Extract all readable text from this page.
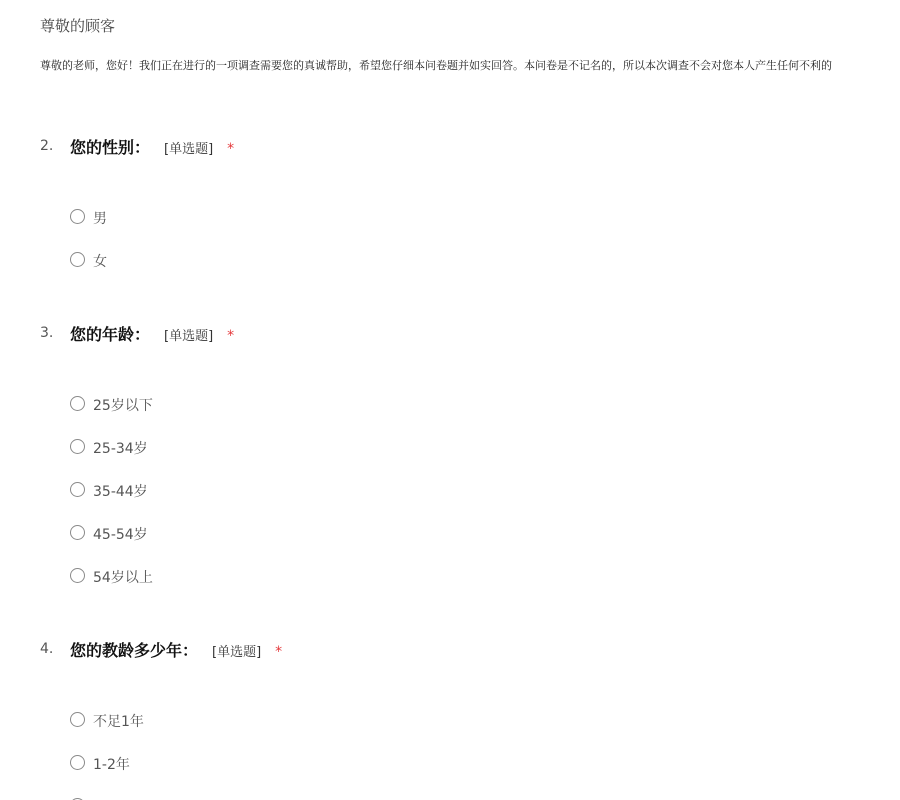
尊敬的顾客
尊敬的老师，您好！我们正在进行的一项调查需要您的真诚帮助，希望您仔细本问卷题并如实回答。本问卷是不记名的，所以本次调查不会对您本人产生任何不利的
2. 您的性别： [单选题] *
男
女
3. 您的年龄： [单选题] *
25岁以下
25-34岁
35-44岁
45-54岁
54岁以上
4. 您的教龄多少年： [单选题] *
不足1年
1-2年
